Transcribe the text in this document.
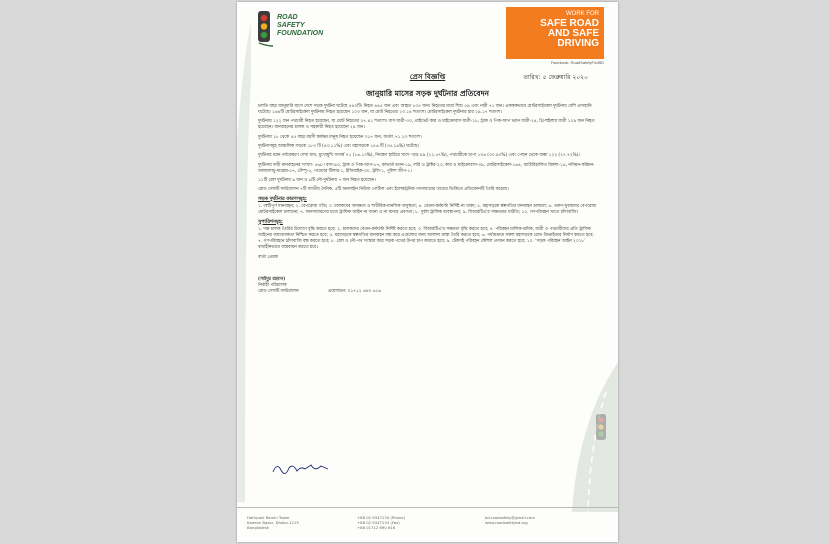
ROAD
SAFETY
FOUNDATION
WORK FOR
SAFE ROAD
AND SAFE
DRIVING
Facebook: RoadSafetyFndBD
প্রেস বিজ্ঞপ্তি	তারিখ: ৫ ফেব্রুয়ারি ২০২০
জানুয়ারি মাসের সড়ক দুর্ঘটনার প্রতিবেদন

চলতি বছর জানুয়ারি মাসে দেশে সড়ক দুর্ঘটনা ঘটেছে ৪৪০টি। নিহত ৪৪৫ জন এবং আহত ৮০৫ জন। নিহতের মধ্যে শিশু ৫৯ এবং নারী ৭১ জন। একককভাবে মোটরসাইকেল দুর্ঘটনায় বেশি প্রাণহানি ঘটেছে। ১৬৪টি মোটরসাইকেল দুর্ঘটনায় নিহত হয়েছেন ১০৩ জন, যা মোট নিহতের ২৩.১৪ শতাংশ। মোটরসাইকেল দুর্ঘটনার হার ২৯.১৭ শতাংশ।

দুর্ঘটনায় ১২২ জন পথচারী নিহত হয়েছেন, যা মোট নিহতের ২৭.৪১ শতাংশ। বাস যাত্রী-৩৩, প্রাইভেট কার ও মাইক্রোবাস যাত্রী-১৮, ট্রাক ও পিক-আপ ভ্যান যাত্রী-২৪, থ্রি-হুইলার যাত্রী ১০৯ জন নিহত হয়েছেন। যানবাহনের চালক ও সহকারী নিহত হয়েছেন ২৯ জন।

দুর্ঘটনায় ১৮ থেকে ৫৫ বছর বয়সী কর্মক্ষম মানুষ নিহত হয়েছেন ৩১৭ জন, অর্থাৎ ৭১.২৩ শতাংশ।

দুর্ঘটনাসমূহ আঞ্চলিক সড়কে ১৮৩ টি (৪৩.১১%) এবং মহাসড়কে ১৫৬ টি (৩৫.১৬%) ঘটেছে।

দুর্ঘটনার ধরন পর্যবেক্ষণে দেখা যায়, মুখোমুখি সংঘর্ষ ৭১ (১৬.১৩%), নিয়ন্ত্রণ হারিয়ে খাদে পড়ে ৯৯ (২২.৫৭%), পথচারীকে চাপা ১৩৬ (৩০.৯০%) এবং পেছন থেকে ধাক্কা ১২২ (২৭.৭২%)।

দুর্ঘটনায় দায়ী যানবাহনের সংখ্যা- ৫৬৮। বাস-৯৩, ট্রাক ও পিক-আপ-৮৭, কাভার্ড ভ্যান-১৯, লরি ও ট্রাক্টর-২৩, কার ও মাইক্রোবাস-৩৯, মোটরসাইকেল-১৬৪, ব্যাটারিচালিত রিকশা-১৯, নসিমন-করিমন-আলমসাধু-মাহেন্দ্র-৫৭, টেম্পু-৫, পাওয়ার টিলার-১, ইজিবাইক-৩০, ট্রলি-১, পুলিশ জীপ-১।

১১টি রেল দুর্ঘটনায় ৯ জন ও ৬টি নৌ-দুর্ঘটনায় ৭ জন নিহত হয়েছেন।

রোড সেফটি ফাউন্ডেশন ৭টি জাতীয় দৈনিক, ৫টি অনলাইন নিউজ পোর্টাল এবং ইলেকট্রনিক গণমাধ্যমের তথ্যের ভিত্তিতে প্রতিবেদনটি তৈরি করেছে।

সড়ক দুর্ঘটনার কারণসমূহ:

১. ত্রুটিপূর্ণ যানবাহন; ২. বেপরোয়া গতি; ৩. চালকদের অদক্ষতা ও শারীরিক-মানসিক অসুস্থতা; ৪. বেতন-কর্মঘণ্টা নির্দিষ্ট না থাকা; ৫. মহাসড়কে স্বল্পগতির যানবাহন চলাচল; ৬. তরুণ-যুবকদের বেপরোয়া মোটরসাইকেল চালানো; ৭. জনসাধারণের মধ্যে ট্রাফিক আইন না জানা ও না মানার প্রবণতা; ৮. দুর্বল ট্রাফিক ব্যবস্থাপনা; ৯. বিআরটিএ'র সক্ষমতার ঘাটতি; ১০. গণপরিবহন খাতে চাঁদাবাজি।

সুপারিশসমূহ:

১. দক্ষ চালক তৈরির উদ্যোগ বৃদ্ধি করতে হবে; ২. চালকদের বেতন-কর্মঘণ্টা নির্দিষ্ট করতে হবে; ৩. বিআরটিএ'র সক্ষমতা বৃদ্ধি করতে হবে; ৪. পরিবহন মালিক-শ্রমিক, যাত্রী ও পথচারীদের প্রতি ট্রাফিক আইনের বাধ্যবাধকতা নিশ্চিত করতে হবে; ৫. মহাসড়কে স্বল্পগতির যানবাহন বন্ধ করে এগুলোর জন্য আলাদা রাস্তা তৈরি করতে হবে; ৬. পর্যায়ক্রমে সকল মহাসড়কে রোড ডিভাইডার নির্মাণ করতে হবে; ৭. গণপরিবহনে চাঁদাবাজি বন্ধ করতে হবে; ৮. রেল ও নৌ-পথ সংস্কার করে সড়ক পথের উপর চাপ কমাতে হবে; ৯. টেকসই পরিবহন কৌশল প্রণয়ন করতে হবে; ১০. ‘সড়ক পরিবহন আইন ২০১৮’ বাধাহীনভাবে বাস্তবায়ন করতে হবে।

বার্তা প্রেরক
(সাইদুর রহমান)
নির্বাহী পরিচালক
রোড সেফটি ফাউন্ডেশন	প্রয়োজনে: ০১৭১২ ৬৯০ ৬১৬
Hatirpool Ramin Tower
Kawran Bazar, Dhaka-1215
Bangladesh
+88 02 9347134 (Phone)
+88 02 9347134 (Fax)
+88 01712 690 616
bd.roadsafety@gmail.com
www.roadsafetybd.org
